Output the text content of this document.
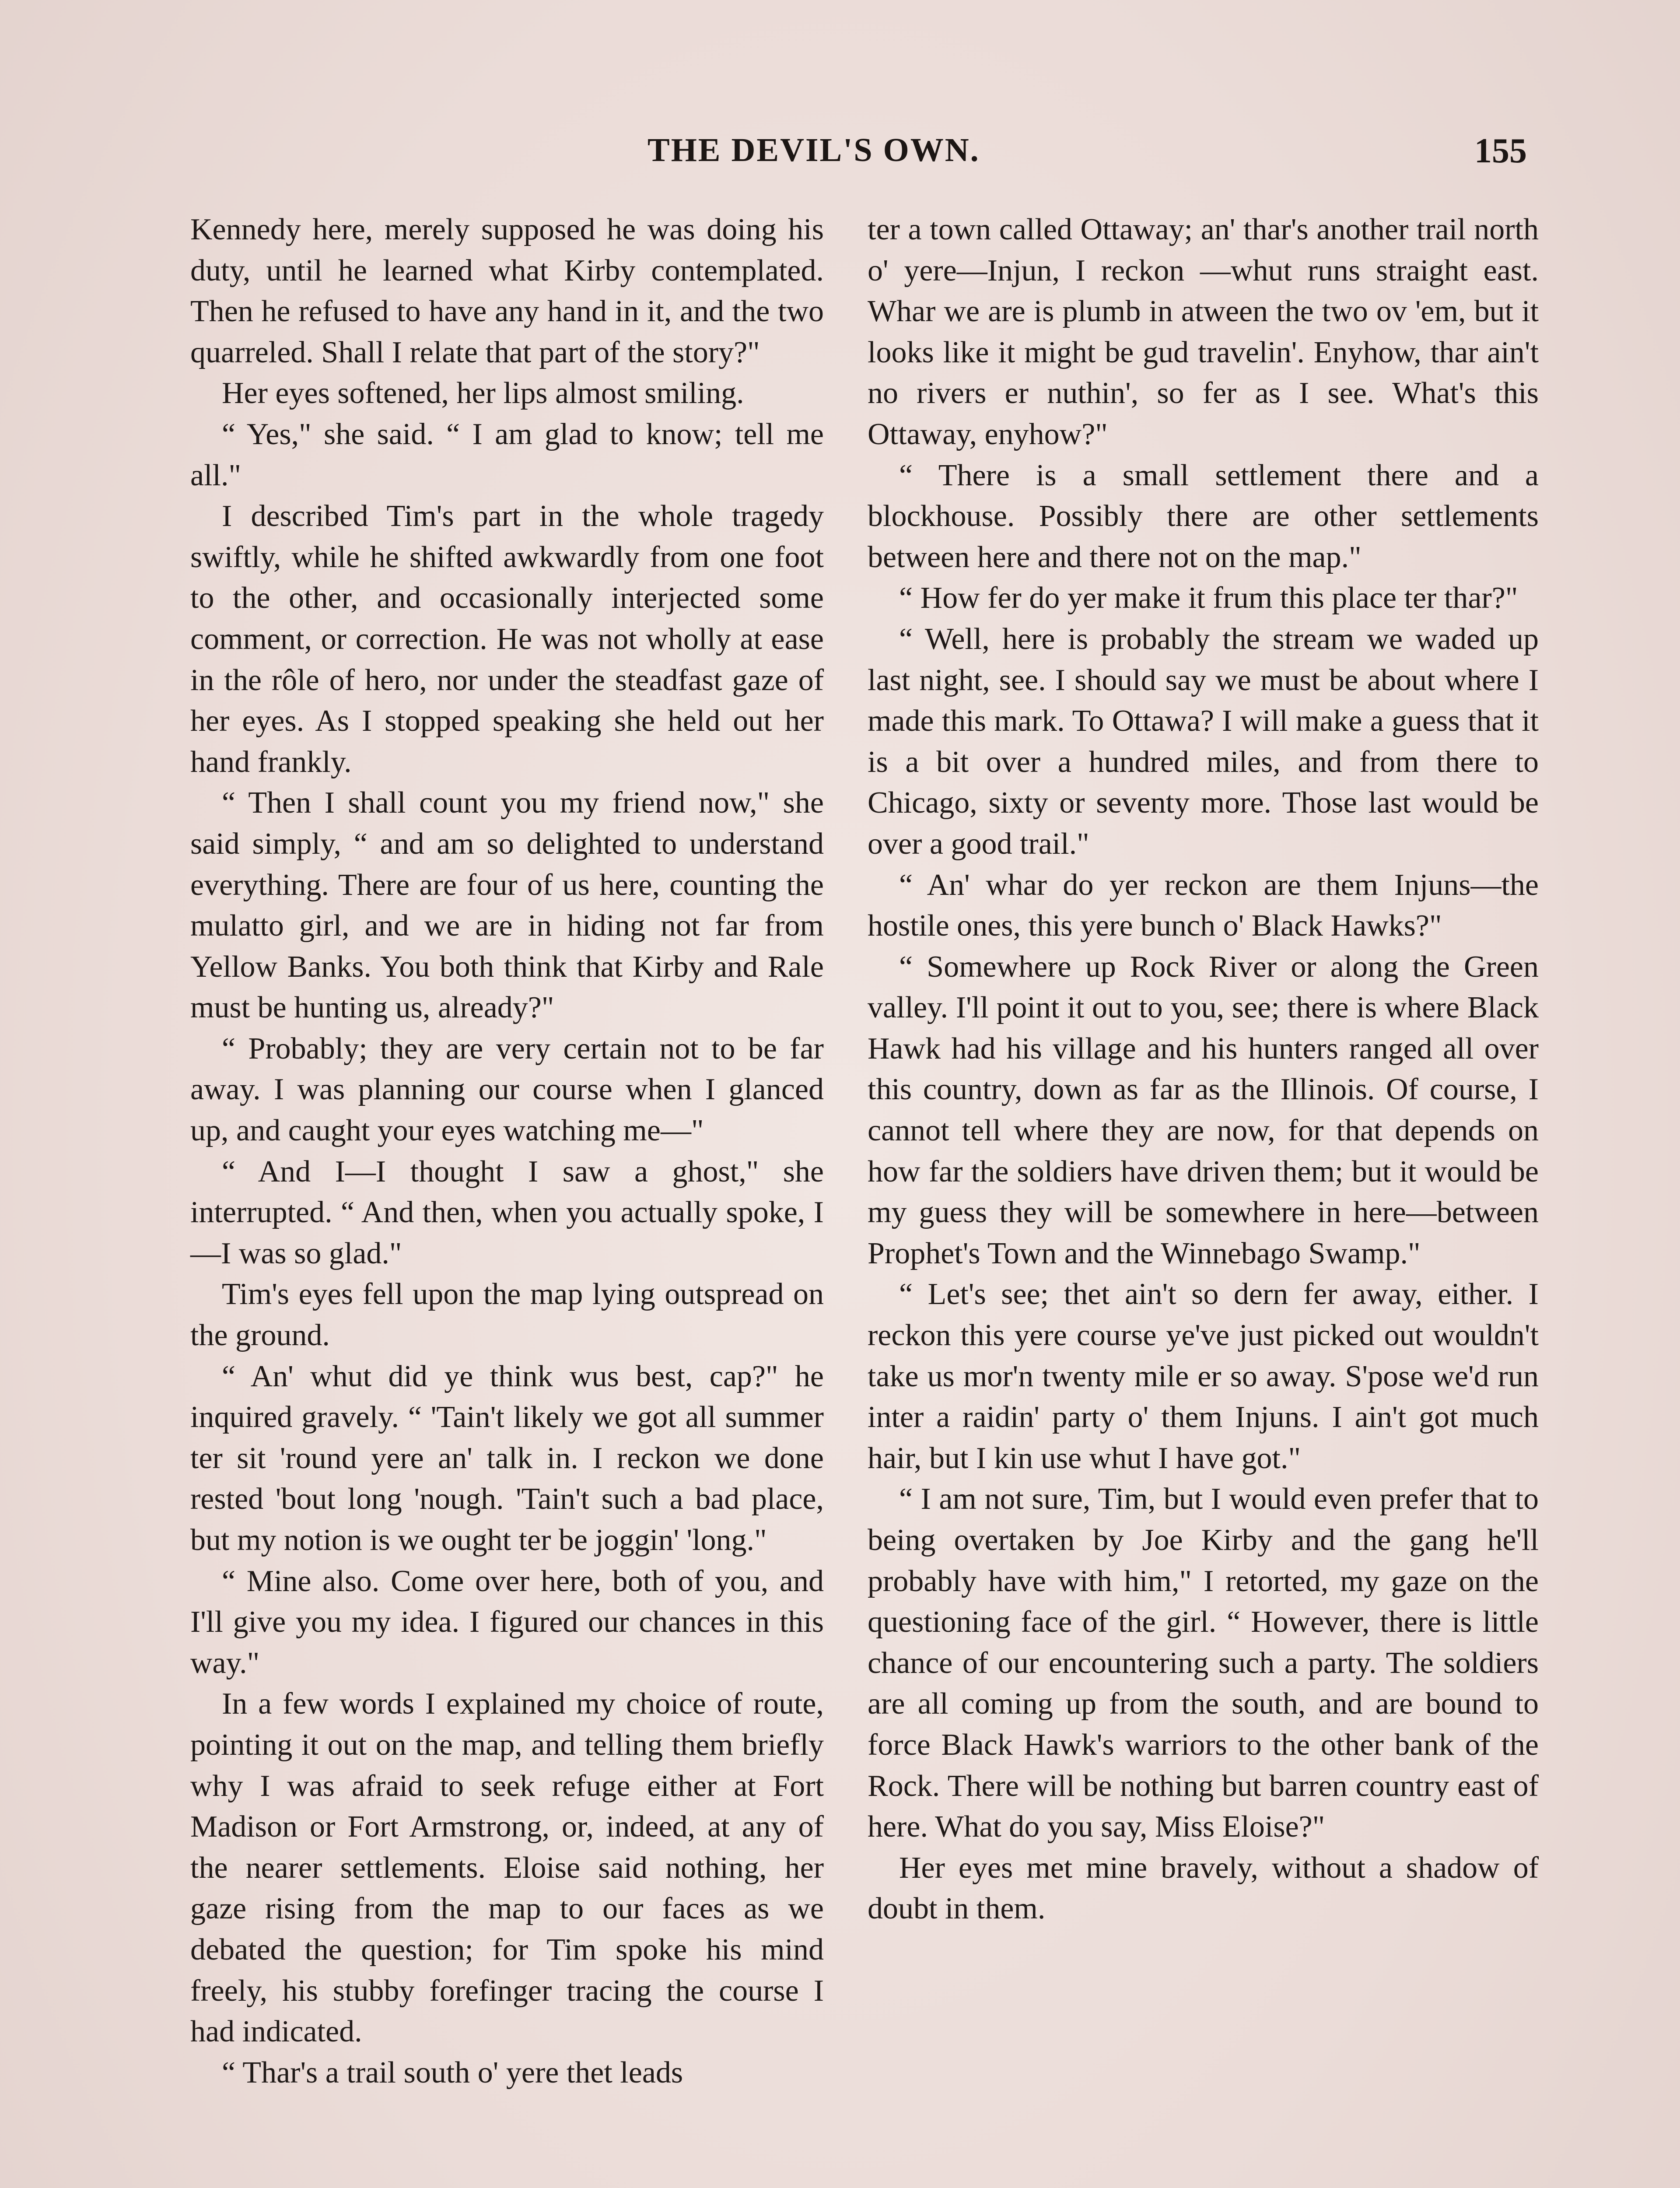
THE DEVIL'S OWN.	155

Kennedy here, merely supposed he was doing his duty, until he learned what Kirby contemplated. Then he refused to have any hand in it, and the two quarreled. Shall I relate that part of the story?"

Her eyes softened, her lips almost smiling.

“ Yes," she said. “ I am glad to know; tell me all."

I described Tim's part in the whole tragedy swiftly, while he shifted awkwardly from one foot to the other, and occasionally interjected some comment, or correction. He was not wholly at ease in the rôle of hero, nor under the steadfast gaze of her eyes. As I stopped speaking she held out her hand frankly.

“ Then I shall count you my friend now," she said simply, “ and am so delighted to understand everything. There are four of us here, counting the mulatto girl, and we are in hiding not far from Yellow Banks. You both think that Kirby and Rale must be hunting us, already?"

“ Probably; they are very certain not to be far away. I was planning our course when I glanced up, and caught your eyes watching me—"

“ And I—I thought I saw a ghost," she interrupted. “ And then, when you actually spoke, I—I was so glad."

Tim's eyes fell upon the map lying outspread on the ground.

“ An' whut did ye think wus best, cap?" he inquired gravely. “ 'Tain't likely we got all summer ter sit 'round yere an' talk in. I reckon we done rested 'bout long 'nough. 'Tain't such a bad place, but my notion is we ought ter be joggin' 'long."

“ Mine also. Come over here, both of you, and I'll give you my idea. I figured our chances in this way."

In a few words I explained my choice of route, pointing it out on the map, and telling them briefly why I was afraid to seek refuge either at Fort Madison or Fort Armstrong, or, indeed, at any of the nearer settlements. Eloise said nothing, her gaze rising from the map to our faces as we debated the question; for Tim spoke his mind freely, his stubby forefinger tracing the course I had indicated.

“ Thar's a trail south o' yere thet leads

ter a town called Ottaway; an' thar's another trail north o' yere—Injun, I reckon —whut runs straight east. Whar we are is plumb in atween the two ov 'em, but it looks like it might be gud travelin'. Enyhow, thar ain't no rivers er nuthin', so fer as I see. What's this Ottaway, enyhow?"

“ There is a small settlement there and a blockhouse. Possibly there are other settlements between here and there not on the map."

“ How fer do yer make it frum this place ter thar?"

“ Well, here is probably the stream we waded up last night, see. I should say we must be about where I made this mark. To Ottawa? I will make a guess that it is a bit over a hundred miles, and from there to Chicago, sixty or seventy more. Those last would be over a good trail."

“ An' whar do yer reckon are them Injuns—the hostile ones, this yere bunch o' Black Hawks?"

“ Somewhere up Rock River or along the Green valley. I'll point it out to you, see; there is where Black Hawk had his village and his hunters ranged all over this country, down as far as the Illinois. Of course, I cannot tell where they are now, for that depends on how far the soldiers have driven them; but it would be my guess they will be somewhere in here—between Prophet's Town and the Winnebago Swamp."

“ Let's see; thet ain't so dern fer away, either. I reckon this yere course ye've just picked out wouldn't take us mor'n twenty mile er so away. S'pose we'd run inter a raidin' party o' them Injuns. I ain't got much hair, but I kin use whut I have got."

“ I am not sure, Tim, but I would even prefer that to being overtaken by Joe Kirby and the gang he'll probably have with him," I retorted, my gaze on the questioning face of the girl. “ However, there is little chance of our encountering such a party. The soldiers are all coming up from the south, and are bound to force Black Hawk's warriors to the other bank of the Rock. There will be nothing but barren country east of here. What do you say, Miss Eloise?"

Her eyes met mine bravely, without a shadow of doubt in them.
